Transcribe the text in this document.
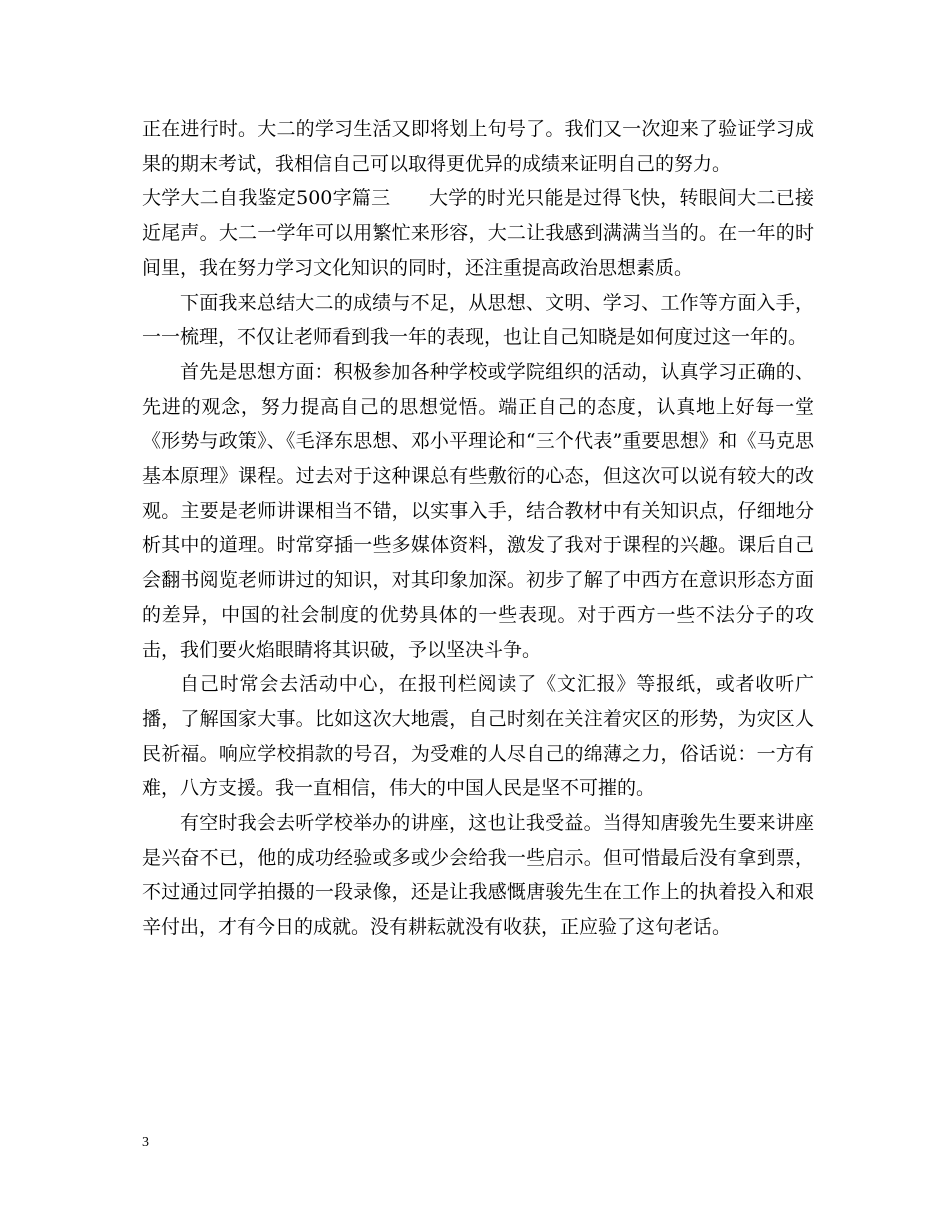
正在进行时。大二的学习生活又即将划上句号了。我们又一次迎来了验证学习成果的期末考试，我相信自己可以取得更优异的成绩来证明自己的努力。

大学大二自我鉴定500字篇三　　 大学的时光只能是过得飞快，转眼间大二已接近尾声。大二一学年可以用繁忙来形容，大二让我感到满满当当的。在一年的时间里，我在努力学习文化知识的同时，还注重提高政治思想素质。

下面我来总结大二的成绩与不足，从思想、文明、学习、工作等方面入手，一一梳理，不仅让老师看到我一年的表现，也让自己知晓是如何度过这一年的。

首先是思想方面：积极参加各种学校或学院组织的活动，认真学习正确的、先进的观念，努力提高自己的思想觉悟。端正自己的态度，认真地上好每一堂《形势与政策》、《毛泽东思想、邓小平理论和“三个代表”重要思想》和《马克思基本原理》课程。过去对于这种课总有些敷衍的心态，但这次可以说有较大的改观。主要是老师讲课相当不错，以实事入手，结合教材中有关知识点，仔细地分析其中的道理。时常穿插一些多媒体资料，激发了我对于课程的兴趣。课后自己会翻书阅览老师讲过的知识，对其印象加深。初步了解了中西方在意识形态方面的差异，中国的社会制度的优势具体的一些表现。对于西方一些不法分子的攻击，我们要火焰眼睛将其识破，予以坚决斗争。

自己时常会去活动中心，在报刊栏阅读了《文汇报》等报纸，或者收听广播，了解国家大事。比如这次大地震，自己时刻在关注着灾区的形势，为灾区人民祈福。响应学校捐款的号召，为受难的人尽自己的绵薄之力，俗话说：一方有难，八方支援。我一直相信，伟大的中国人民是坚不可摧的。

有空时我会去听学校举办的讲座，这也让我受益。当得知唐骏先生要来讲座是兴奋不已，他的成功经验或多或少会给我一些启示。但可惜最后没有拿到票，不过通过同学拍摄的一段录像，还是让我感慨唐骏先生在工作上的执着投入和艰辛付出，才有今日的成就。没有耕耘就没有收获，正应验了这句老话。

3
